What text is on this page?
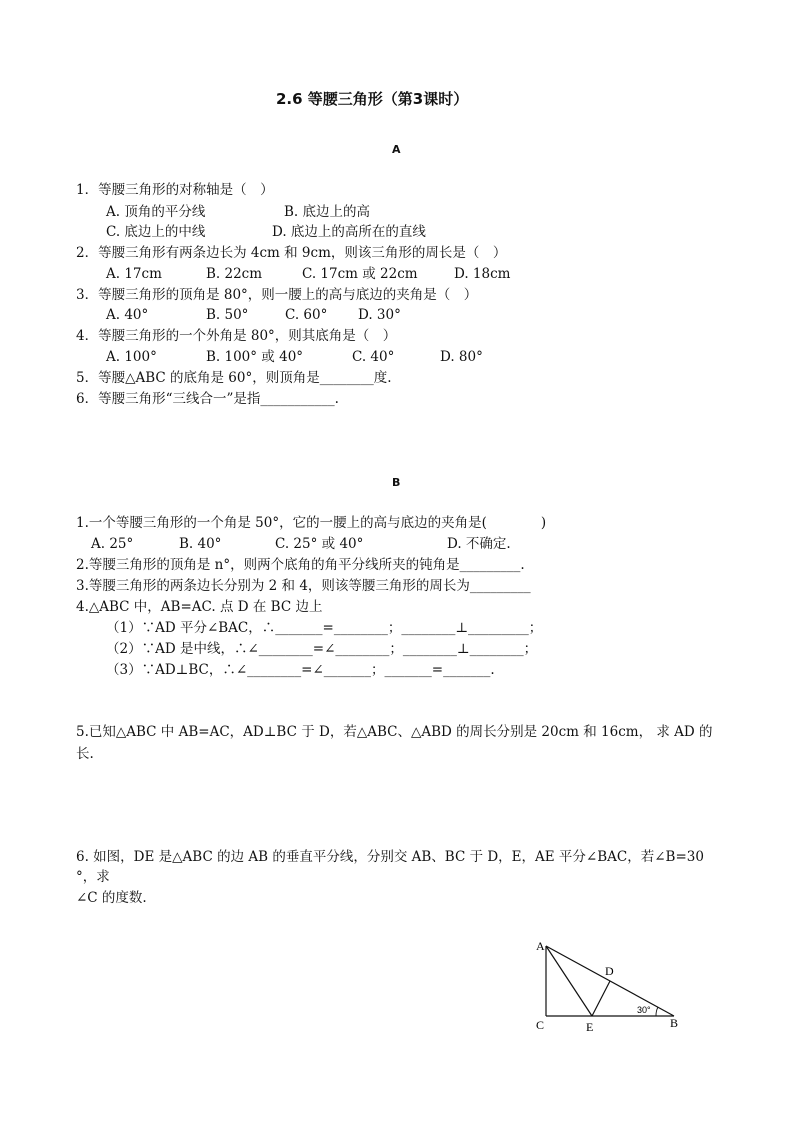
2.6 等腰三角形（第3课时）
A
1．等腰三角形的对称轴是（　）
A. 顶角的平分线	B. 底边上的高
C. 底边上的中线	D. 底边上的高所在的直线
2．等腰三角形有两条边长为 4cm 和 9cm，则该三角形的周长是（　）
A. 17cm	B. 22cm	C. 17cm 或 22cm	D. 18cm
3．等腰三角形的顶角是 80°，则一腰上的高与底边的夹角是（　）
A. 40°	B. 50°	C. 60° D. 30°
4．等腰三角形的一个外角是 80°，则其底角是（　）
A. 100°	B. 100° 或 40°	C. 40°	D. 80°
5．等腰△ABC 的底角是 60°，则顶角是________度.
6．等腰三角形“三线合一”是指___________.
B
1.一个等腰三角形的一个角是 50°，它的一腰上的高与底边的夹角是(　　　　)
A. 25°	B. 40°	C. 25° 或 40°	D. 不确定.
2.等腰三角形的顶角是 n°，则两个底角的角平分线所夹的钝角是_________.
3.等腰三角形的两条边长分别为 2 和 4，则该等腰三角形的周长为_________
4.△ABC 中，AB=AC. 点 D 在 BC 边上
（1）∵AD 平分∠BAC，∴_______=________；________⊥_________；
（2）∵AD 是中线，∴∠________=∠________；________⊥________；
（3）∵AD⊥BC，∴∠________=∠_______；_______=_______.
5.已知△ABC 中 AB=AC，AD⊥BC 于 D，若△ABC、△ABD 的周长分别是 20cm 和 16cm， 求 AD 的
长.
6. 如图，DE 是△ABC 的边 AB 的垂直平分线，分别交 AB、BC 于 D，E，AE 平分∠BAC，若∠B=30
°，求
∠C 的度数.
A
B
C
D
E
30°
